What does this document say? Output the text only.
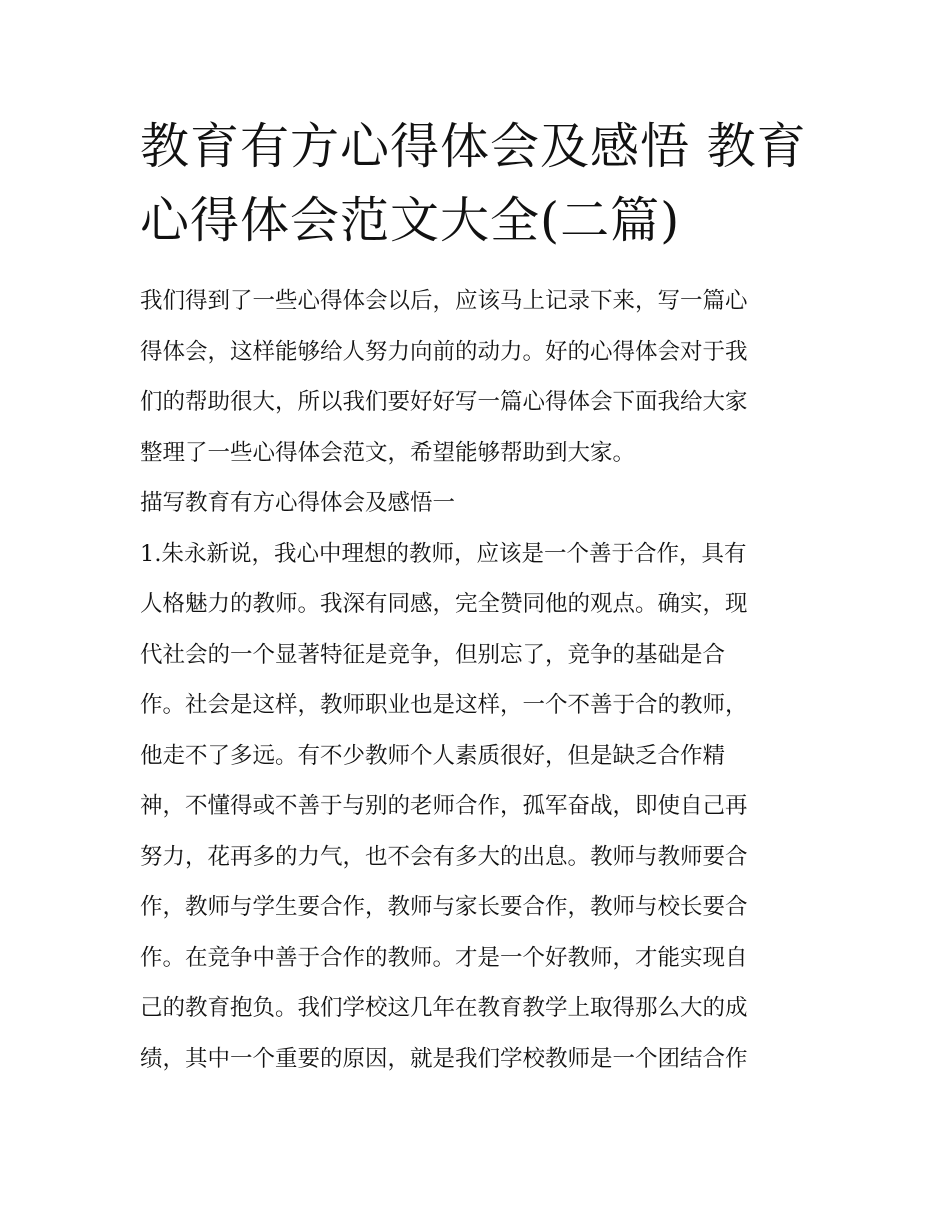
教育有方心得体会及感悟 教育
心得体会范文大全(二篇)
我们得到了一些心得体会以后，应该马上记录下来，写一篇心
得体会，这样能够给人努力向前的动力。好的心得体会对于我
们的帮助很大，所以我们要好好写一篇心得体会下面我给大家
整理了一些心得体会范文，希望能够帮助到大家。
描写教育有方心得体会及感悟一
1.朱永新说，我心中理想的教师，应该是一个善于合作，具有
人格魅力的教师。我深有同感，完全赞同他的观点。确实，现
代社会的一个显著特征是竞争，但别忘了，竞争的基础是合
作。社会是这样，教师职业也是这样，一个不善于合的教师，
他走不了多远。有不少教师个人素质很好，但是缺乏合作精
神，不懂得或不善于与别的老师合作，孤军奋战，即使自己再
努力，花再多的力气，也不会有多大的出息。教师与教师要合
作，教师与学生要合作，教师与家长要合作，教师与校长要合
作。在竞争中善于合作的教师。才是一个好教师，才能实现自
己的教育抱负。我们学校这几年在教育教学上取得那么大的成
绩，其中一个重要的原因，就是我们学校教师是一个团结合作
